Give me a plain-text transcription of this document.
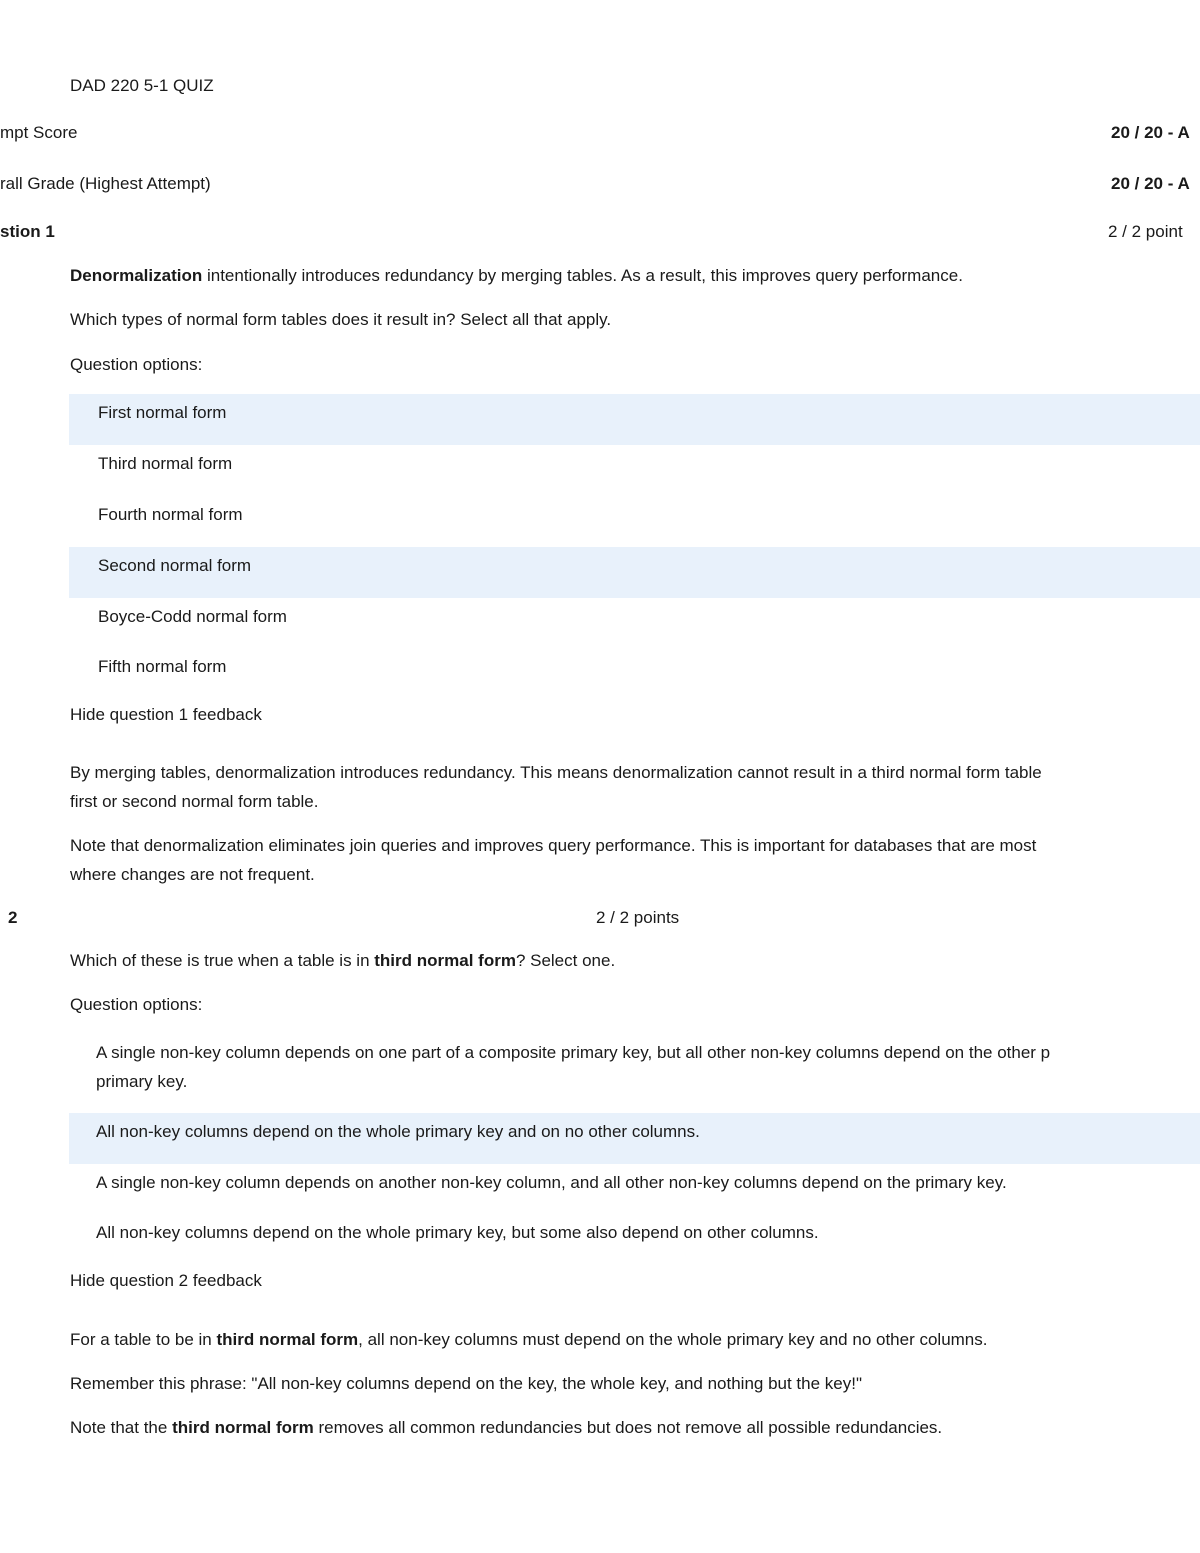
DAD 220 5-1 QUIZ
mpt Score	20 / 20 - A
rall Grade (Highest Attempt)	20 / 20 - A
stion 1	2 / 2 point
Denormalization intentionally introduces redundancy by merging tables. As a result, this improves query performance.
Which types of normal form tables does it result in? Select all that apply.
Question options:
First normal form
Third normal form
Fourth normal form
Second normal form
Boyce-Codd normal form
Fifth normal form
Hide question 1 feedback
By merging tables, denormalization introduces redundancy. This means denormalization cannot result in a third normal form table
first or second normal form table.
Note that denormalization eliminates join queries and improves query performance. This is important for databases that are most
where changes are not frequent.
2	2 / 2 points
Which of these is true when a table is in third normal form? Select one.
Question options:
A single non-key column depends on one part of a composite primary key, but all other non-key columns depend on the other p
primary key.
All non-key columns depend on the whole primary key and on no other columns.
A single non-key column depends on another non-key column, and all other non-key columns depend on the primary key.
All non-key columns depend on the whole primary key, but some also depend on other columns.
Hide question 2 feedback
For a table to be in third normal form, all non-key columns must depend on the whole primary key and no other columns.
Remember this phrase: "All non-key columns depend on the key, the whole key, and nothing but the key!"
Note that the third normal form removes all common redundancies but does not remove all possible redundancies.
